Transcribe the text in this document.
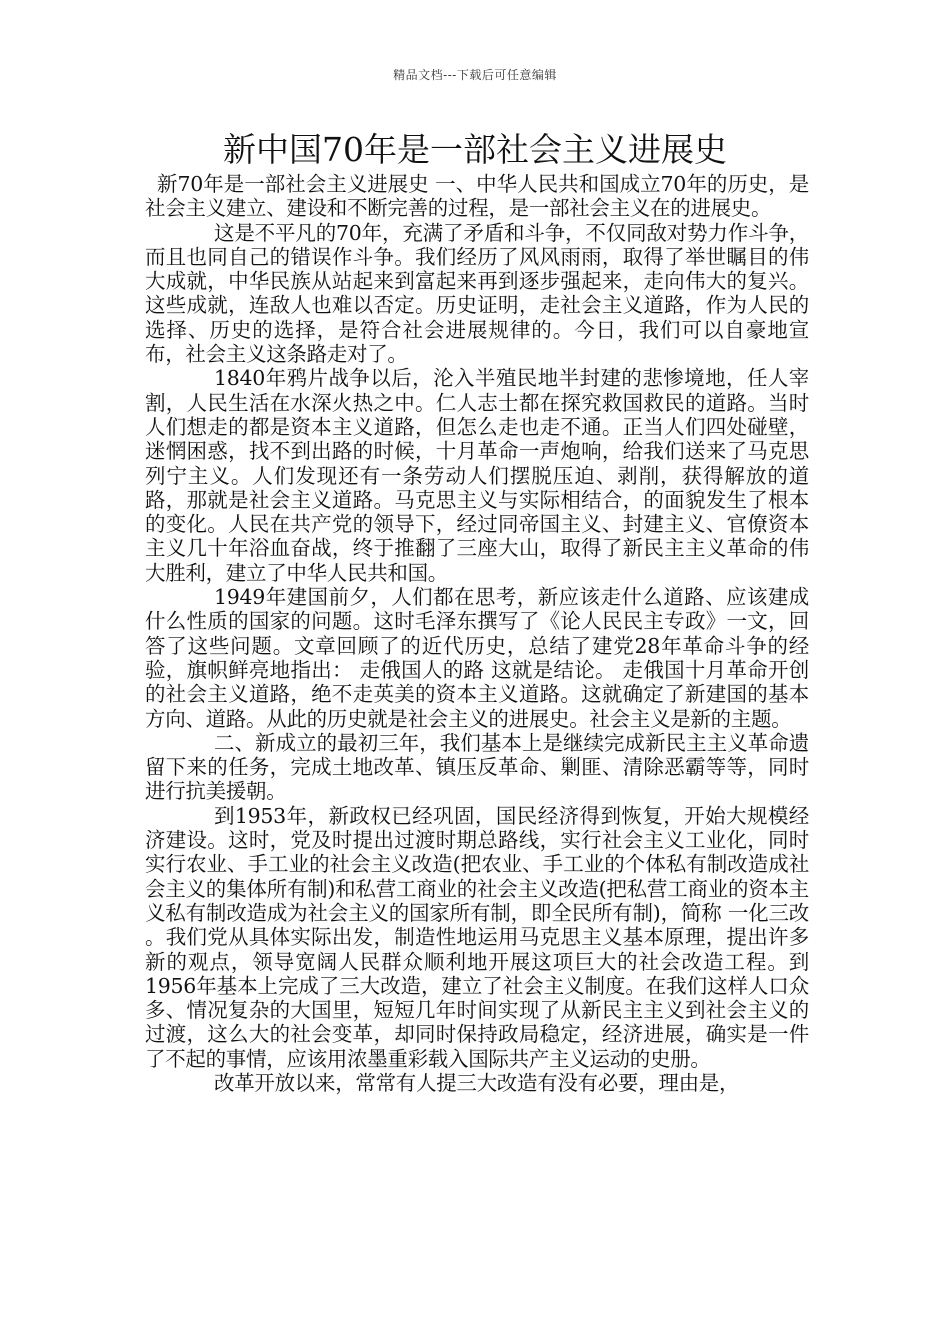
精品文档---下载后可任意编辑
新中国70年是一部社会主义进展史

新70年是一部社会主义进展史 一、中华人民共和国成立70年的历史，是社会主义建立、建设和不断完善的过程，是一部社会主义在的进展史。

这是不平凡的70年，充满了矛盾和斗争，不仅同敌对势力作斗争，而且也同自己的错误作斗争。我们经历了风风雨雨，取得了举世瞩目的伟大成就，中华民族从站起来到富起来再到逐步强起来，走向伟大的复兴。这些成就，连敌人也难以否定。历史证明，走社会主义道路，作为人民的选择、历史的选择，是符合社会进展规律的。今日，我们可以自豪地宣布，社会主义这条路走对了。

1840年鸦片战争以后，沦入半殖民地半封建的悲惨境地，任人宰割，人民生活在水深火热之中。仁人志士都在探究救国救民的道路。当时人们想走的都是资本主义道路，但怎么走也走不通。正当人们四处碰壁，迷惘困惑，找不到出路的时候，十月革命一声炮响，给我们送来了马克思列宁主义。人们发现还有一条劳动人们摆脱压迫、剥削，获得解放的道路，那就是社会主义道路。马克思主义与实际相结合，的面貌发生了根本的变化。人民在共产党的领导下，经过同帝国主义、封建主义、官僚资本主义几十年浴血奋战，终于推翻了三座大山，取得了新民主主义革命的伟大胜利，建立了中华人民共和国。

1949年建国前夕，人们都在思考，新应该走什么道路、应该建成什么性质的国家的问题。这时毛泽东撰写了《论人民民主专政》一文，回答了这些问题。文章回顾了的近代历史，总结了建党28年革命斗争的经验，旗帜鲜亮地指出： 走俄国人的路 这就是结论。 走俄国十月革命开创的社会主义道路，绝不走英美的资本主义道路。这就确定了新建国的基本方向、道路。从此的历史就是社会主义的进展史。社会主义是新的主题。

二、新成立的最初三年，我们基本上是继续完成新民主主义革命遗留下来的任务，完成土地改革、镇压反革命、剿匪、清除恶霸等等，同时进行抗美援朝。

到1953年，新政权已经巩固，国民经济得到恢复，开始大规模经济建设。这时，党及时提出过渡时期总路线，实行社会主义工业化，同时实行农业、手工业的社会主义改造(把农业、手工业的个体私有制改造成社会主义的集体所有制)和私营工商业的社会主义改造(把私营工商业的资本主义私有制改造成为社会主义的国家所有制，即全民所有制)，简称 一化三改 。我们党从具体实际出发，制造性地运用马克思主义基本原理，提出许多新的观点，领导宽阔人民群众顺利地开展这项巨大的社会改造工程。到1956年基本上完成了三大改造，建立了社会主义制度。在我们这样人口众多、情况复杂的大国里，短短几年时间实现了从新民主主义到社会主义的过渡，这么大的社会变革，却同时保持政局稳定，经济进展，确实是一件了不起的事情，应该用浓墨重彩载入国际共产主义运动的史册。

改革开放以来，常常有人提三大改造有没有必要，理由是，
